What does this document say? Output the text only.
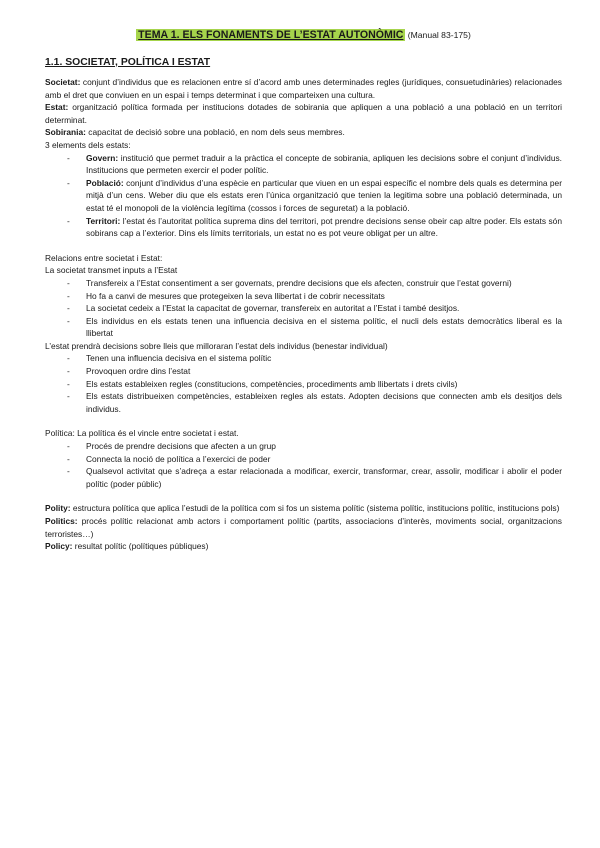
TEMA 1. ELS FONAMENTS DE L’ESTAT AUTONÒMIC (Manual 83-175)
1.1. SOCIETAT, POLÍTICA I ESTAT

Societat: conjunt d’individus que es relacionen entre sí d’acord amb unes determinades regles (jurídiques, consuetudinàries) relacionades amb el dret que conviuen en un espai i temps determinat i que comparteixen una cultura.

Estat: organització política formada per institucions dotades de sobirania que apliquen a una població a una població en un territori determinat.

Sobirania: capacitat de decisió sobre una població, en nom dels seus membres.

3 elements dels estats:

- Govern: institució que permet traduir a la pràctica el concepte de sobirania, apliquen les decisions sobre el conjunt d’individus. Institucions que permeten exercir el poder polític.
- Població: conjunt d’individus d’una espècie en particular que viuen en un espai específic el nombre dels quals es determina per mitjà d’un cens. Weber diu que els estats eren l’única organització que tenien la legitima sobre una població determinada, un estat té el monopoli de la violència legítima (cossos i forces de seguretat) a la població.
- Territori: l’estat és l’autoritat política suprema dins del territori, pot prendre decisions sense obeir cap altre poder. Els estats són sobirans cap a l’exterior. Dins els límits territorials, un estat no es pot veure obligat per un altre.

Relacions entre societat i Estat:

La societat transmet inputs a l’Estat

- Transfereix a l’Estat consentiment a ser governats, prendre decisions que els afecten, construir que l’estat governi)
- Ho fa a canvi de mesures que protegeixen la seva llibertat i de cobrir necessitats
- La societat cedeix a l’Estat la capacitat de governar, transfereix en autoritat a l’Estat i també desitjos.
- Els individus en els estats tenen una influencia decisiva en el sistema polític, el nucli dels estats democràtics liberal es la llibertat

L’estat prendrà decisions sobre lleis que milloraran l’estat dels individus (benestar individual)

- Tenen una influencia decisiva en el sistema polític
- Provoquen ordre dins l’estat
- Els estats estableixen regles (constitucions, competències, procediments amb llibertats i drets civils)
- Els estats distribueixen competències, estableixen regles als estats. Adopten decisions que connecten amb els desitjos dels individus.

Política: La política és el vincle entre societat i estat.

- Procés de prendre decisions que afecten a un grup
- Connecta la noció de política a l’exercici de poder
- Qualsevol activitat que s’adreça a estar relacionada a modificar, exercir, transformar, crear, assolir, modificar i abolir el poder polític (poder públic)

Polity: estructura política que aplica l’estudi de la política com si fos un sistema polític (sistema polític, institucions polític, institucions pols)

Politics: procés polític relacionat amb actors i comportament polític (partits, associacions d’interès, moviments social, organitzacions terroristes…)

Policy: resultat polític (polítiques públiques)
